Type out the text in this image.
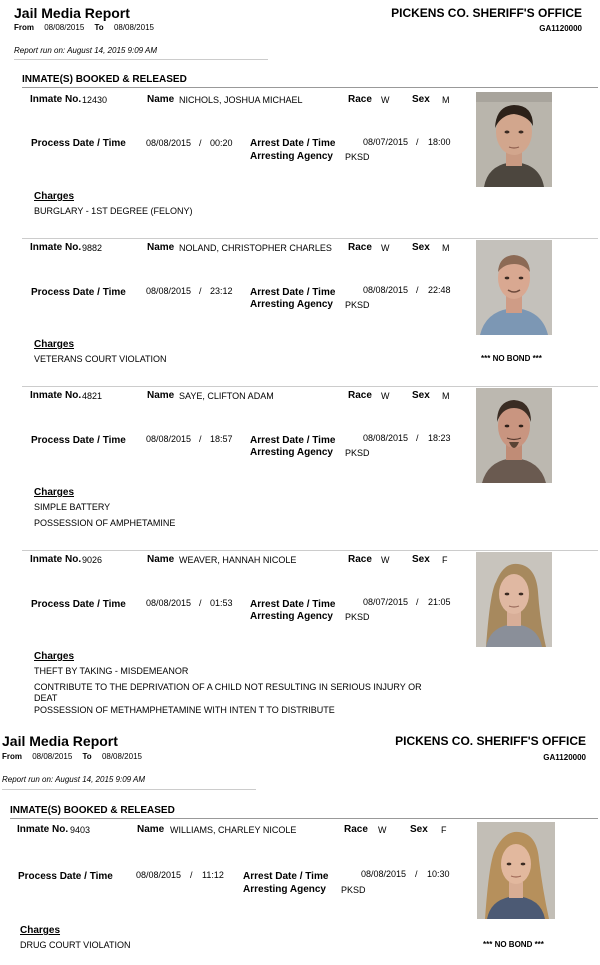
Jail Media Report
From 08/08/2015 To 08/08/2015
PICKENS CO. SHERIFF'S OFFICE
GA1120000
Report run on: August 14, 2015 9:09 AM
INMATE(S) BOOKED & RELEASED
Inmate No. 12430	Name NICHOLS, JOSHUA MICHAEL	Race W Sex M
Process Date / Time 08/08/2015 / 00:20 Arrest Date / Time	08/07/2015 / 18:00
Arresting Agency PKSD
Charges
BURGLARY - 1ST DEGREE (FELONY)
Inmate No. 9882	Name NOLAND, CHRISTOPHER CHARLES Race W Sex M
Process Date / Time 08/08/2015 / 23:12 Arrest Date / Time	08/08/2015 / 22:48
Arresting Agency PKSD
Charges
VETERANS COURT VIOLATION	*** NO BOND ***
Inmate No. 4821	Name SAYE, CLIFTON ADAM	Race W Sex M
Process Date / Time 08/08/2015 / 18:57 Arrest Date / Time	08/08/2015 / 18:23
Arresting Agency PKSD
Charges
SIMPLE BATTERY
POSSESSION OF AMPHETAMINE
Inmate No. 9026	Name WEAVER, HANNAH NICOLE	Race W Sex F
Process Date / Time 08/08/2015 / 01:53 Arrest Date / Time	08/07/2015 / 21:05
Arresting Agency PKSD
Charges
THEFT BY TAKING - MISDEMEANOR
CONTRIBUTE TO THE DEPRIVATION OF A CHILD NOT RESULTING IN SERIOUS INJURY OR
DEAT
POSSESSION OF METHAMPHETAMINE WITH INTEN T TO DISTRIBUTE
Jail Media Report
From 08/08/2015 To 08/08/2015
PICKENS CO. SHERIFF'S OFFICE
GA1120000
Report run on: August 14, 2015 9:09 AM
INMATE(S) BOOKED & RELEASED
Inmate No. 9403	Name WILLIAMS, CHARLEY NICOLE	Race W Sex F
Process Date / Time	08/08/2015 / 11:12 Arrest Date / Time	08/08/2015 / 10:30
Arresting Agency PKSD
Charges
DRUG COURT VIOLATION	*** NO BOND ***
